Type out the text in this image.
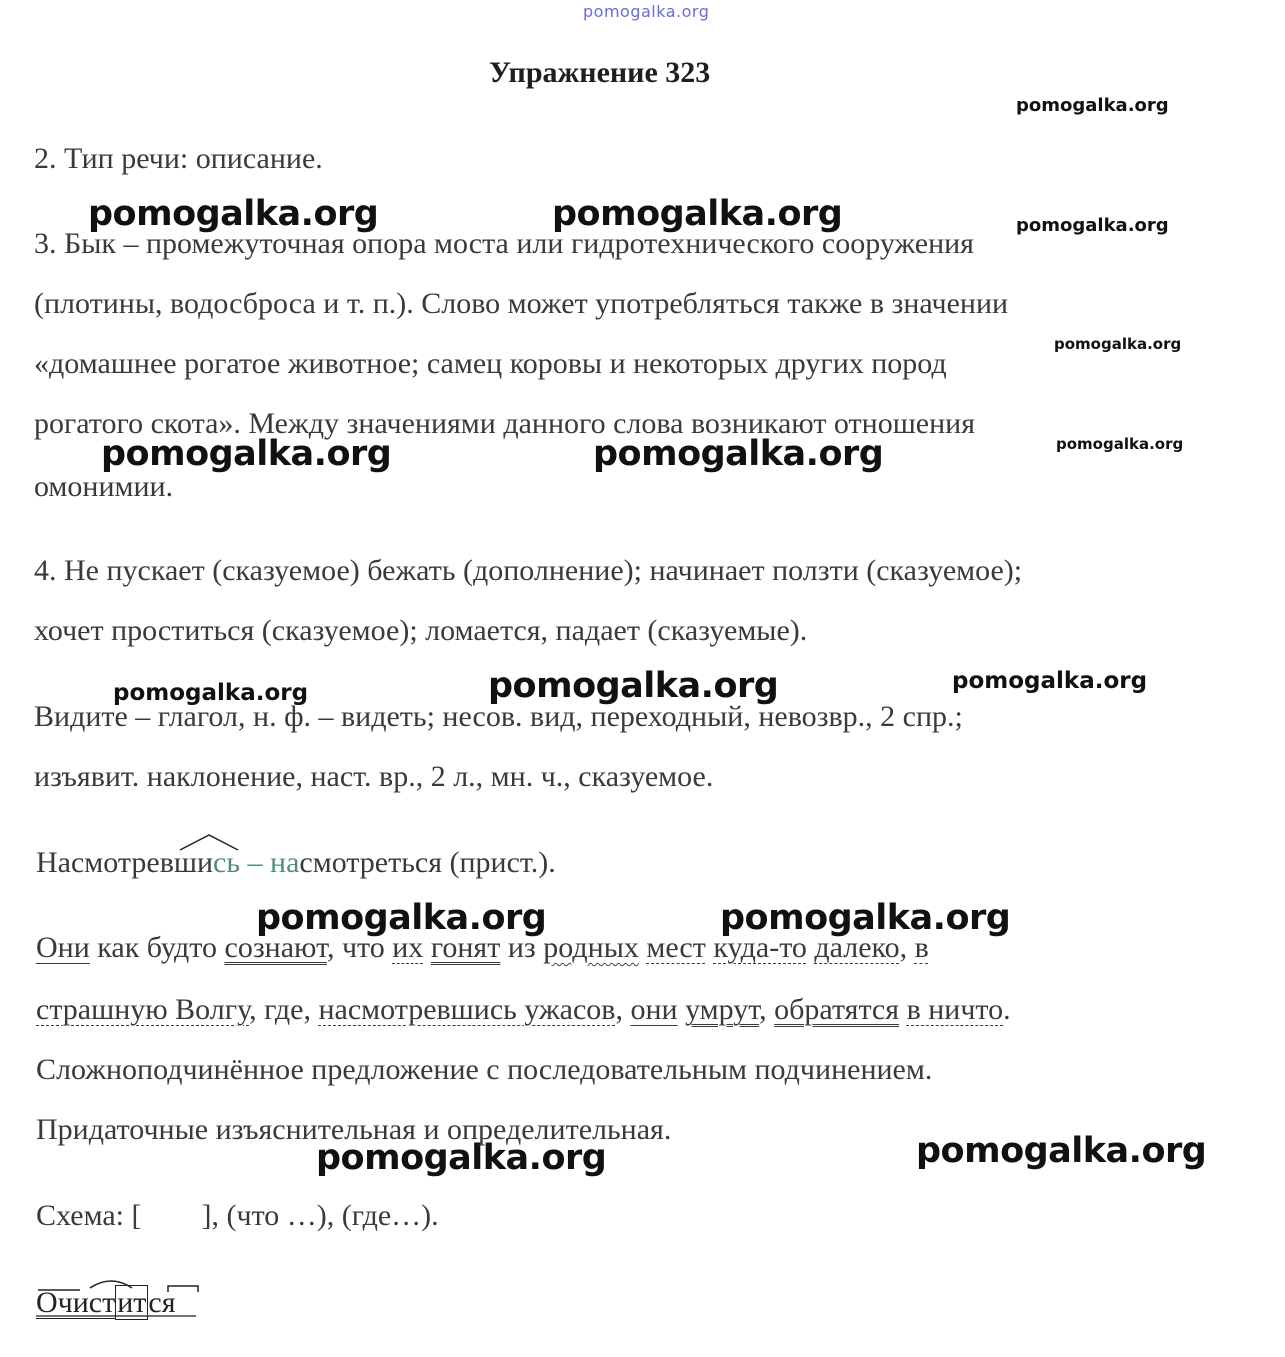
pomogalka.org
Упражнение 323
pomogalka.org
pomogalka.org	pomogalka.org	pomogalka.org
pomogalka.org
pomogalka.org
pomogalka.org	pomogalka.org
pomogalka.org	pomogalka.org	pomogalka.org
pomogalka.org	pomogalka.org
pomogalka.org	pomogalka.org
2. Тип речи: описание.
3. Бык – промежуточная опора моста или гидротехнического сооружения
(плотины, водосброса и т. п.). Слово может употребляться также в значении
«домашнее рогатое животное; самец коровы и некоторых других пород
рогатого скота». Между значениями данного слова возникают отношения
омонимии.
4. Не пускает (сказуемое) бежать (дополнение); начинает ползти (сказуемое);
хочет проститься (сказуемое); ломается, падает (сказуемые).
Видите – глагол, н. ф. – видеть; несов. вид, переходный, невозвр., 2 спр.;
изъявит. наклонение, наст. вр., 2 л., мн. ч., сказуемое.
Насмотревшись – насмотреться (прист.).
Они как будто сознают, что их гонят из родных мест куда-то далеко, в
страшную Волгу, где, насмотревшись ужасов, они умрут, обратятся в ничто.
Сложноподчинённое предложение с последовательным подчинением.
Придаточные изъяснительная и определительная.
Схема: [        ], (что …), (где…).
Очистится
